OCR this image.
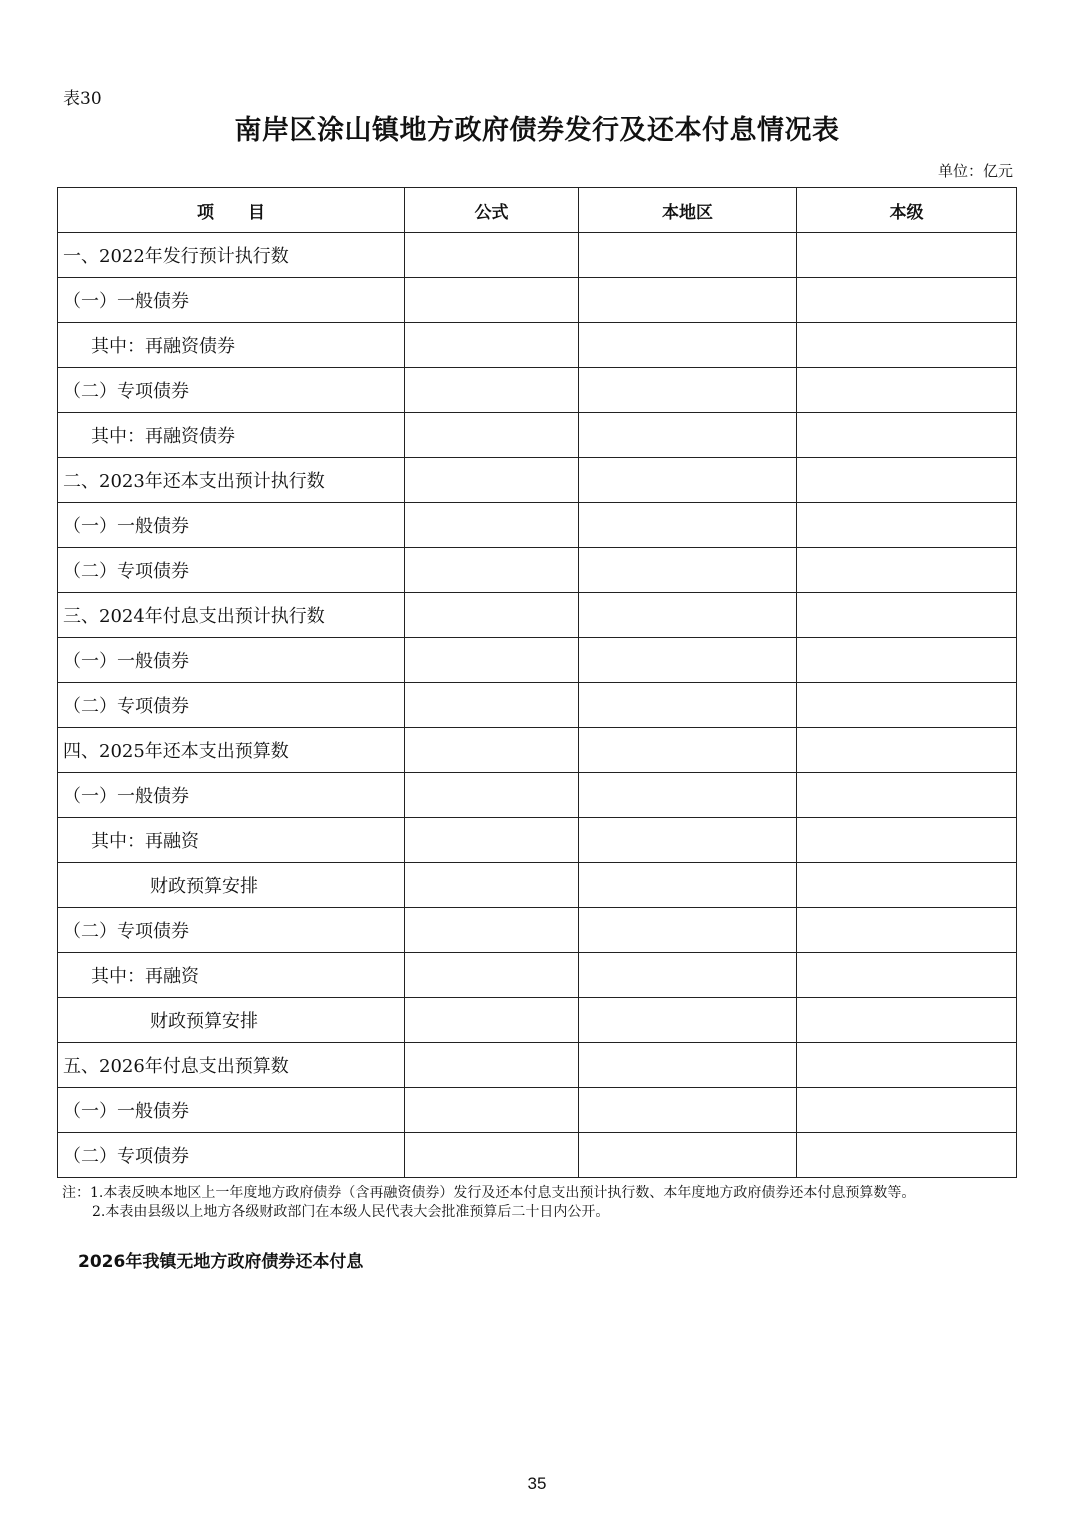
表30
南岸区涂山镇地方政府债券发行及还本付息情况表
单位：亿元
项　　目	公式	本地区	本级
一、2022年发行预计执行数			
（一）一般债券			
其中：再融资债券			
（二）专项债券			
其中：再融资债券			
二、2023年还本支出预计执行数			
（一）一般债券			
（二）专项债券			
三、2024年付息支出预计执行数			
（一）一般债券			
（二）专项债券			
四、2025年还本支出预算数			
（一）一般债券			
其中：再融资			
财政预算安排			
（二）专项债券			
其中：再融资			
财政预算安排			
五、2026年付息支出预算数			
（一）一般债券			
（二）专项债券			

注：1.本表反映本地区上一年度地方政府债券（含再融资债券）发行及还本付息支出预计执行数、本年度地方政府债券还本付息预算数等。

2.本表由县级以上地方各级财政部门在本级人民代表大会批准预算后二十日内公开。

2026年我镇无地方政府债券还本付息
35
